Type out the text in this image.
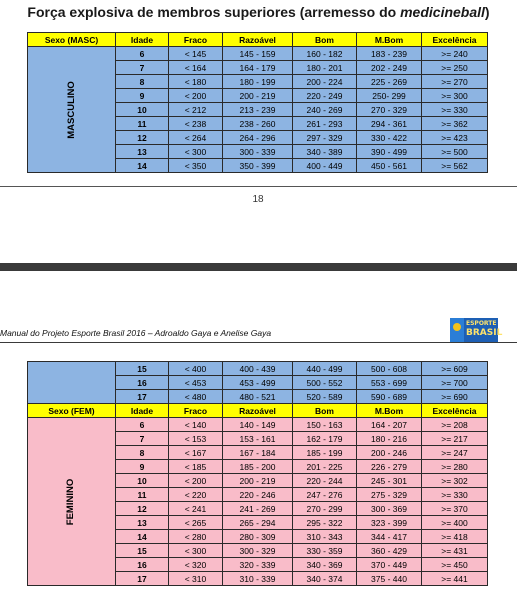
Força explosiva de membros superiores (arremesso do medicineball)
Sexo (MASC)	Idade	Fraco	Razoável	Bom	M.Bom	Excelência
MASCULINO	6	< 145	145 - 159	160 - 182	183 - 239	>= 240
	7	< 164	164 - 179	180 - 201	202 - 249	>= 250
	8	< 180	180 - 199	200 - 224	225 - 269	>= 270
	9	< 200	200 - 219	220 - 249	250- 299	>= 300
	10	< 212	213 - 239	240 - 269	270 - 329	>= 330
	11	< 238	238 - 260	261 - 293	294 - 361	>= 362
	12	< 264	264 - 296	297 - 329	330 - 422	>= 423
	13	< 300	300 - 339	340 - 389	390 - 499	>= 500
	14	< 350	350 - 399	400 - 449	450 - 561	>= 562
18
Manual do Projeto Esporte Brasil 2016 – Adroaldo Gaya e Anelise Gaya
ESPORTE
BRASIL
	15	< 400	400 - 439	440 - 499	500 - 608	>= 609
	16	< 453	453 - 499	500 - 552	553 - 699	>= 700
	17	< 480	480 - 521	520 - 589	590 - 689	>= 690
Sexo (FEM)	Idade	Fraco	Razoável	Bom	M.Bom	Excelência
FEMININO	6	< 140	140 - 149	150 - 163	164 - 207	>= 208
	7	< 153	153 - 161	162 - 179	180 - 216	>= 217
	8	< 167	167 - 184	185 - 199	200 - 246	>= 247
	9	< 185	185 - 200	201 - 225	226 - 279	>= 280
	10	< 200	200 - 219	220 - 244	245 - 301	>= 302
	11	< 220	220 - 246	247 - 276	275 - 329	>= 330
	12	< 241	241 - 269	270 - 299	300 - 369	>= 370
	13	< 265	265 - 294	295 - 322	323 - 399	>= 400
	14	< 280	280 - 309	310 - 343	344 - 417	>= 418
	15	< 300	300 - 329	330 - 359	360 - 429	>= 431
	16	< 320	320 - 339	340 - 369	370 - 449	>= 450
	17	< 310	310 - 339	340 - 374	375 - 440	>= 441
